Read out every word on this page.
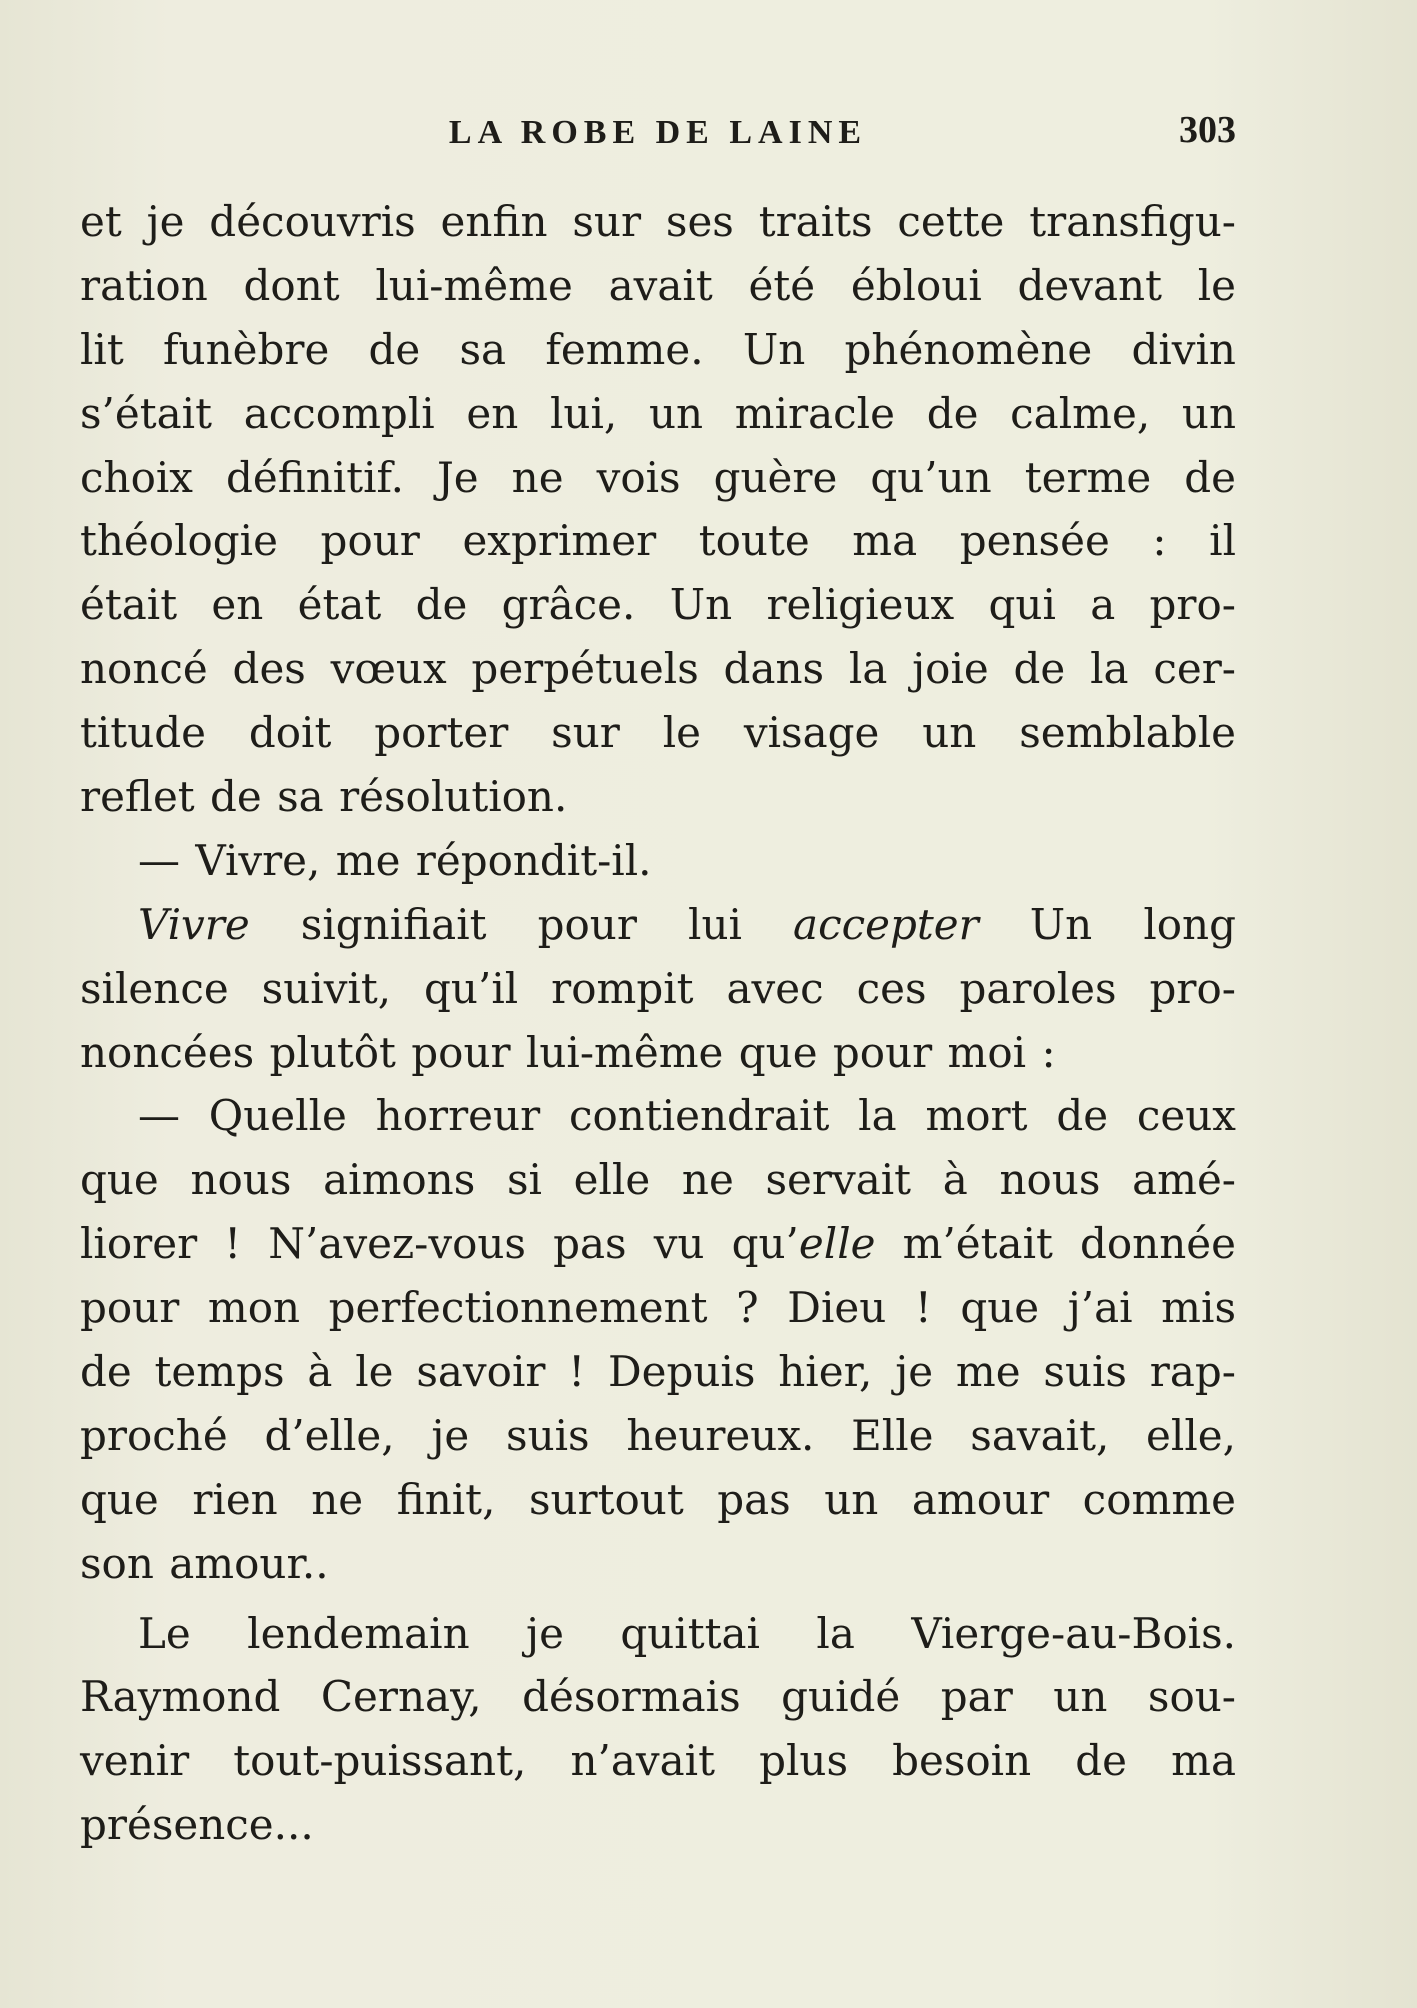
LA ROBE DE LAINE	303
et je découvris enfin sur ses traits cette transfigu-
ration dont lui-même avait été ébloui devant le
lit funèbre de sa femme. Un phénomène divin
s’était accompli en lui, un miracle de calme, un
choix définitif. Je ne vois guère qu’un terme de
théologie pour exprimer toute ma pensée : il
était en état de grâce. Un religieux qui a pro-
noncé des vœux perpétuels dans la joie de la cer-
titude doit porter sur le visage un semblable
reflet de sa résolution.
— Vivre, me répondit-il.
Vivre signifiait pour lui accepter Un long
silence suivit, qu’il rompit avec ces paroles pro-
noncées plutôt pour lui-même que pour moi :
— Quelle horreur contiendrait la mort de ceux
que nous aimons si elle ne servait à nous amé-
liorer ! N’avez-vous pas vu qu’elle m’était donnée
pour mon perfectionnement ? Dieu ! que j’ai mis
de temps à le savoir ! Depuis hier, je me suis rap-
proché d’elle, je suis heureux. Elle savait, elle,
que rien ne finit, surtout pas un amour comme
son amour..
Le lendemain je quittai la Vierge-au-Bois.
Raymond Cernay, désormais guidé par un sou-
venir tout-puissant, n’avait plus besoin de ma
présence...
